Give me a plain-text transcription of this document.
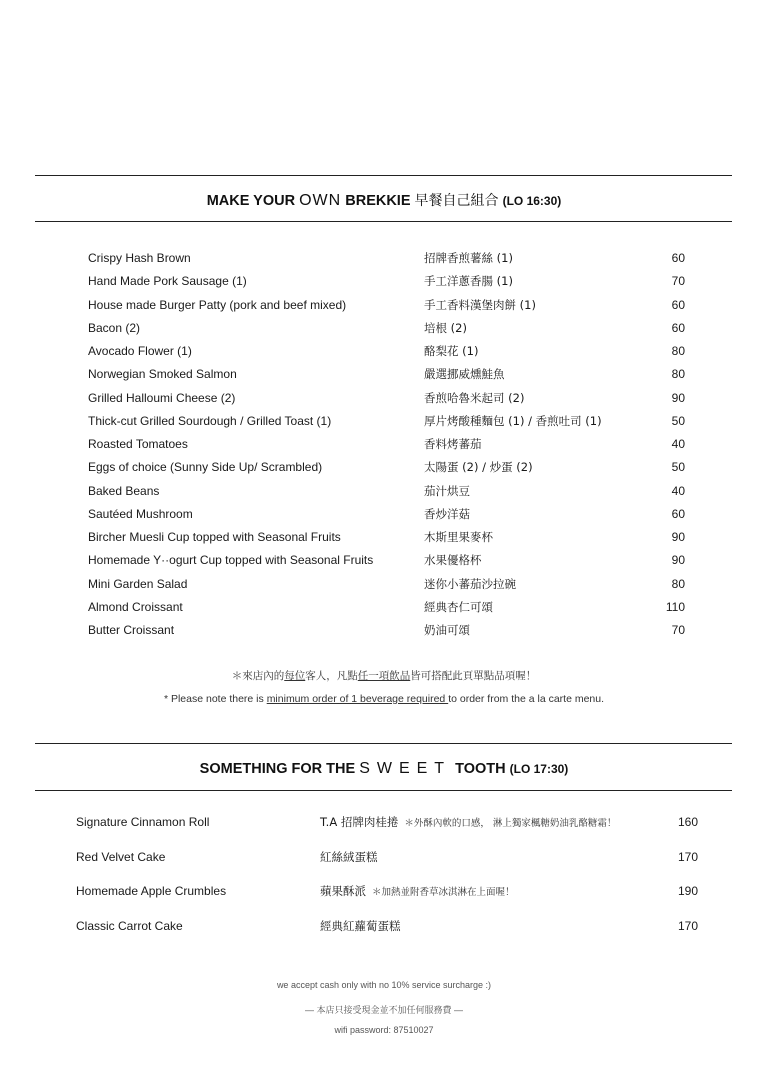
MAKE YOUR OWN BREKKIE 早餐自己組合 (LO 16:30)
Crispy Hash Brown	招牌香煎薯絲 (1)	60
Hand Made Pork Sausage (1)	手工洋蔥香腸 (1)	70
House made Burger Patty (pork and beef mixed)	手工香料漢堡肉餅 (1)	60
Bacon (2)	培根 (2)	60
Avocado Flower (1)	酪梨花 (1)	80
Norwegian Smoked Salmon	嚴選挪威燻鮭魚	80
Grilled Halloumi Cheese (2)	香煎哈魯米起司 (2)	90
Thick-cut Grilled Sourdough / Grilled Toast (1)	厚片烤酸種麵包 (1) / 香煎吐司 (1)	50
Roasted Tomatoes	香料烤蕃茄	40
Eggs of choice (Sunny Side Up/ Scrambled)	太陽蛋 (2) / 炒蛋 (2)	50
Baked Beans	茄汁烘豆	40
Sautéed Mushroom	香炒洋菇	60
Bircher Muesli Cup topped with Seasonal Fruits	木斯里果麥杯	90
Homemade Y··ogurt Cup topped with Seasonal Fruits	水果優格杯	90
Mini Garden Salad	迷你小蕃茄沙拉碗	80
Almond Croissant	經典杏仁可頌	110
Butter Croissant	奶油可頌	70
＊來店內的每位客人，凡點任一項飲品皆可搭配此頁單點品項喔！
* Please note there is minimum order of 1 beverage required to order from the a la carte menu.
SOMETHING FOR THE SWEET TOOTH (LO 17:30)
Signature Cinnamon Roll	T.A 招牌肉桂捲 ＊外酥內軟的口感， 淋上獨家楓糖奶油乳酪糖霜！	160
Red Velvet Cake	紅絲絨蛋糕	170
Homemade Apple Crumbles	蘋果酥派 ＊加熱並附香草冰淇淋在上面喔！	190
Classic Carrot Cake	經典紅蘿蔔蛋糕	170
we accept cash only with no 10% service surcharge :)
— 本店只接受現金並不加任何服務費 —
wifi password: 87510027
